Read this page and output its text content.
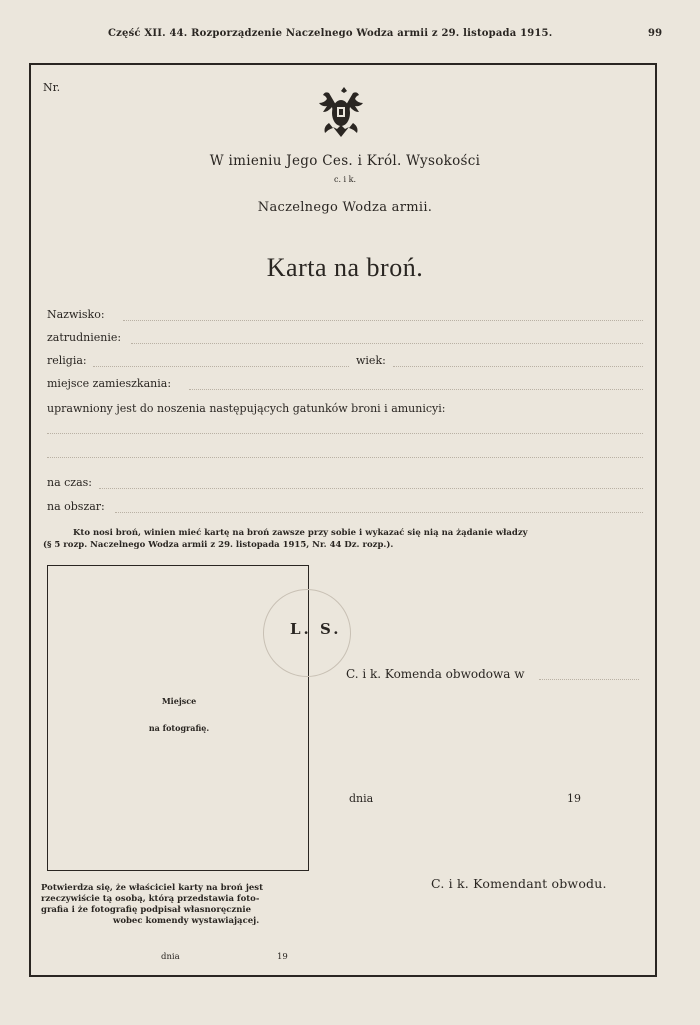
Część XII. 44. Rozporządzenie Naczelnego Wodza armii z 29. listopada 1915.	99
Nr.
W imieniu Jego Ces. i Król. Wysokości
c. i k.
Naczelnego Wodza armii.
Karta na broń.
Nazwisko:
zatrudnienie:
religia:	wiek:
miejsce zamieszkania:
uprawniony jest do noszenia następujących gatunków broni i amunicyi:
na czas:
na obszar:
Kto nosi broń, winien mieć kartę na broń zawsze przy sobie i wykazać się nią na żądanie władzy
(§ 5 rozp. Naczelnego Wodza armii z 29. listopada 1915, Nr. 44 Dz. rozp.).
Miejsce
na fotografię.
L. S.
C. i k. Komenda obwodowa w
dnia	19
C. i k. Komendant obwodu.
Potwierdza się, że właściciel karty na broń jest
rzeczywiście tą osobą, którą przedstawia foto-
grafia i że fotografię podpisał własnoręcznie
wobec komendy wystawiającej.
dnia	19
